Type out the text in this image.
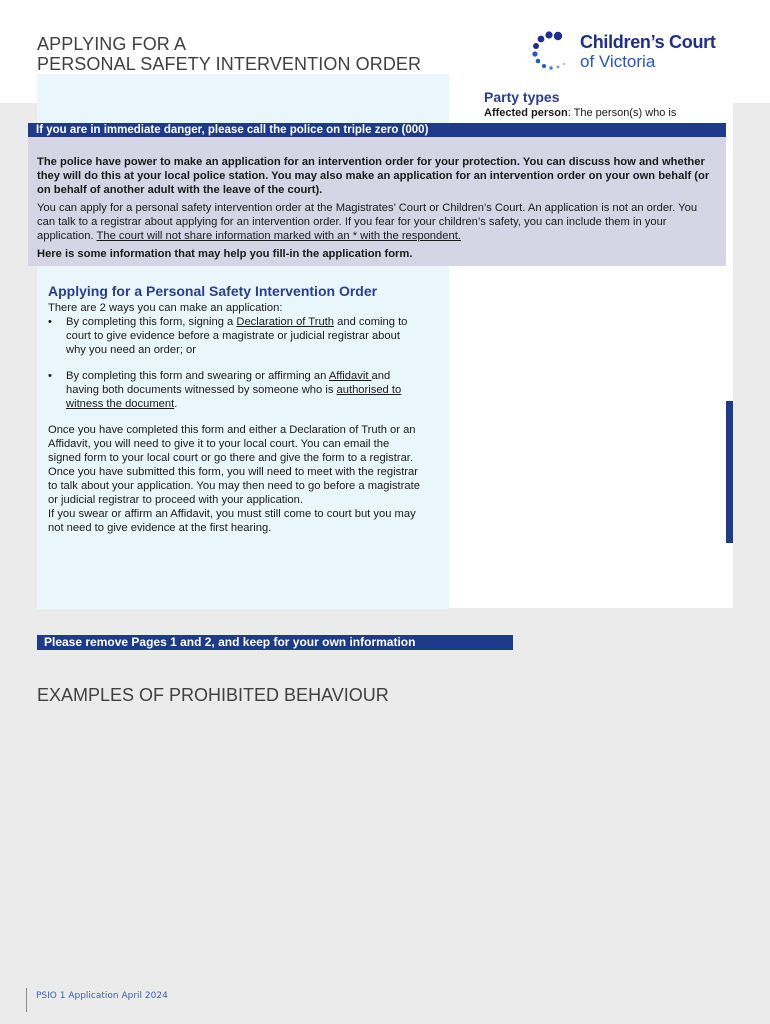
APPLYING FOR A
PERSONAL SAFETY INTERVENTION ORDER
Children’s Court
of Victoria
Party types

Affected person: The person(s) who is

If you are in immediate danger, please call the police on triple zero (000)

The police have power to make an application for an intervention order for your protection. You can discuss how and whether they will do this at your local police station. You may also make an application for an intervention order on your own behalf (or on behalf of another adult with the leave of the court).

You can apply for a personal safety intervention order at the Magistrates’ Court or Children’s Court. An application is not an order. You can talk to a registrar about applying for an intervention order. If you fear for your children’s safety, you can include them in your application. The court will not share information marked with an * with the respondent.

Here is some information that may help you fill-in the application form.

Applying for a Personal Safety Intervention Order

There are 2 ways you can make an application:

• By completing this form, signing a Declaration of Truth and coming to court to give evidence before a magistrate or judicial registrar about why you need an order; or
• By completing this form and swearing or affirming an Affidavit and having both documents witnessed by someone who is authorised to witness the document.

Once you have completed this form and either a Declaration of Truth or an Affidavit, you will need to give it to your local court. You can email the signed form to your local court or go there and give the form to a registrar.

Once you have submitted this form, you will need to meet with the registrar to talk about your application. You may then need to go before a magistrate or judicial registrar to proceed with your application.

If you swear or affirm an Affidavit, you must still come to court but you may not need to give evidence at the first hearing.

Please remove Pages 1 and 2, and keep for your own information
EXAMPLES OF PROHIBITED BEHAVIOUR
PSIO 1 Application April 2024
